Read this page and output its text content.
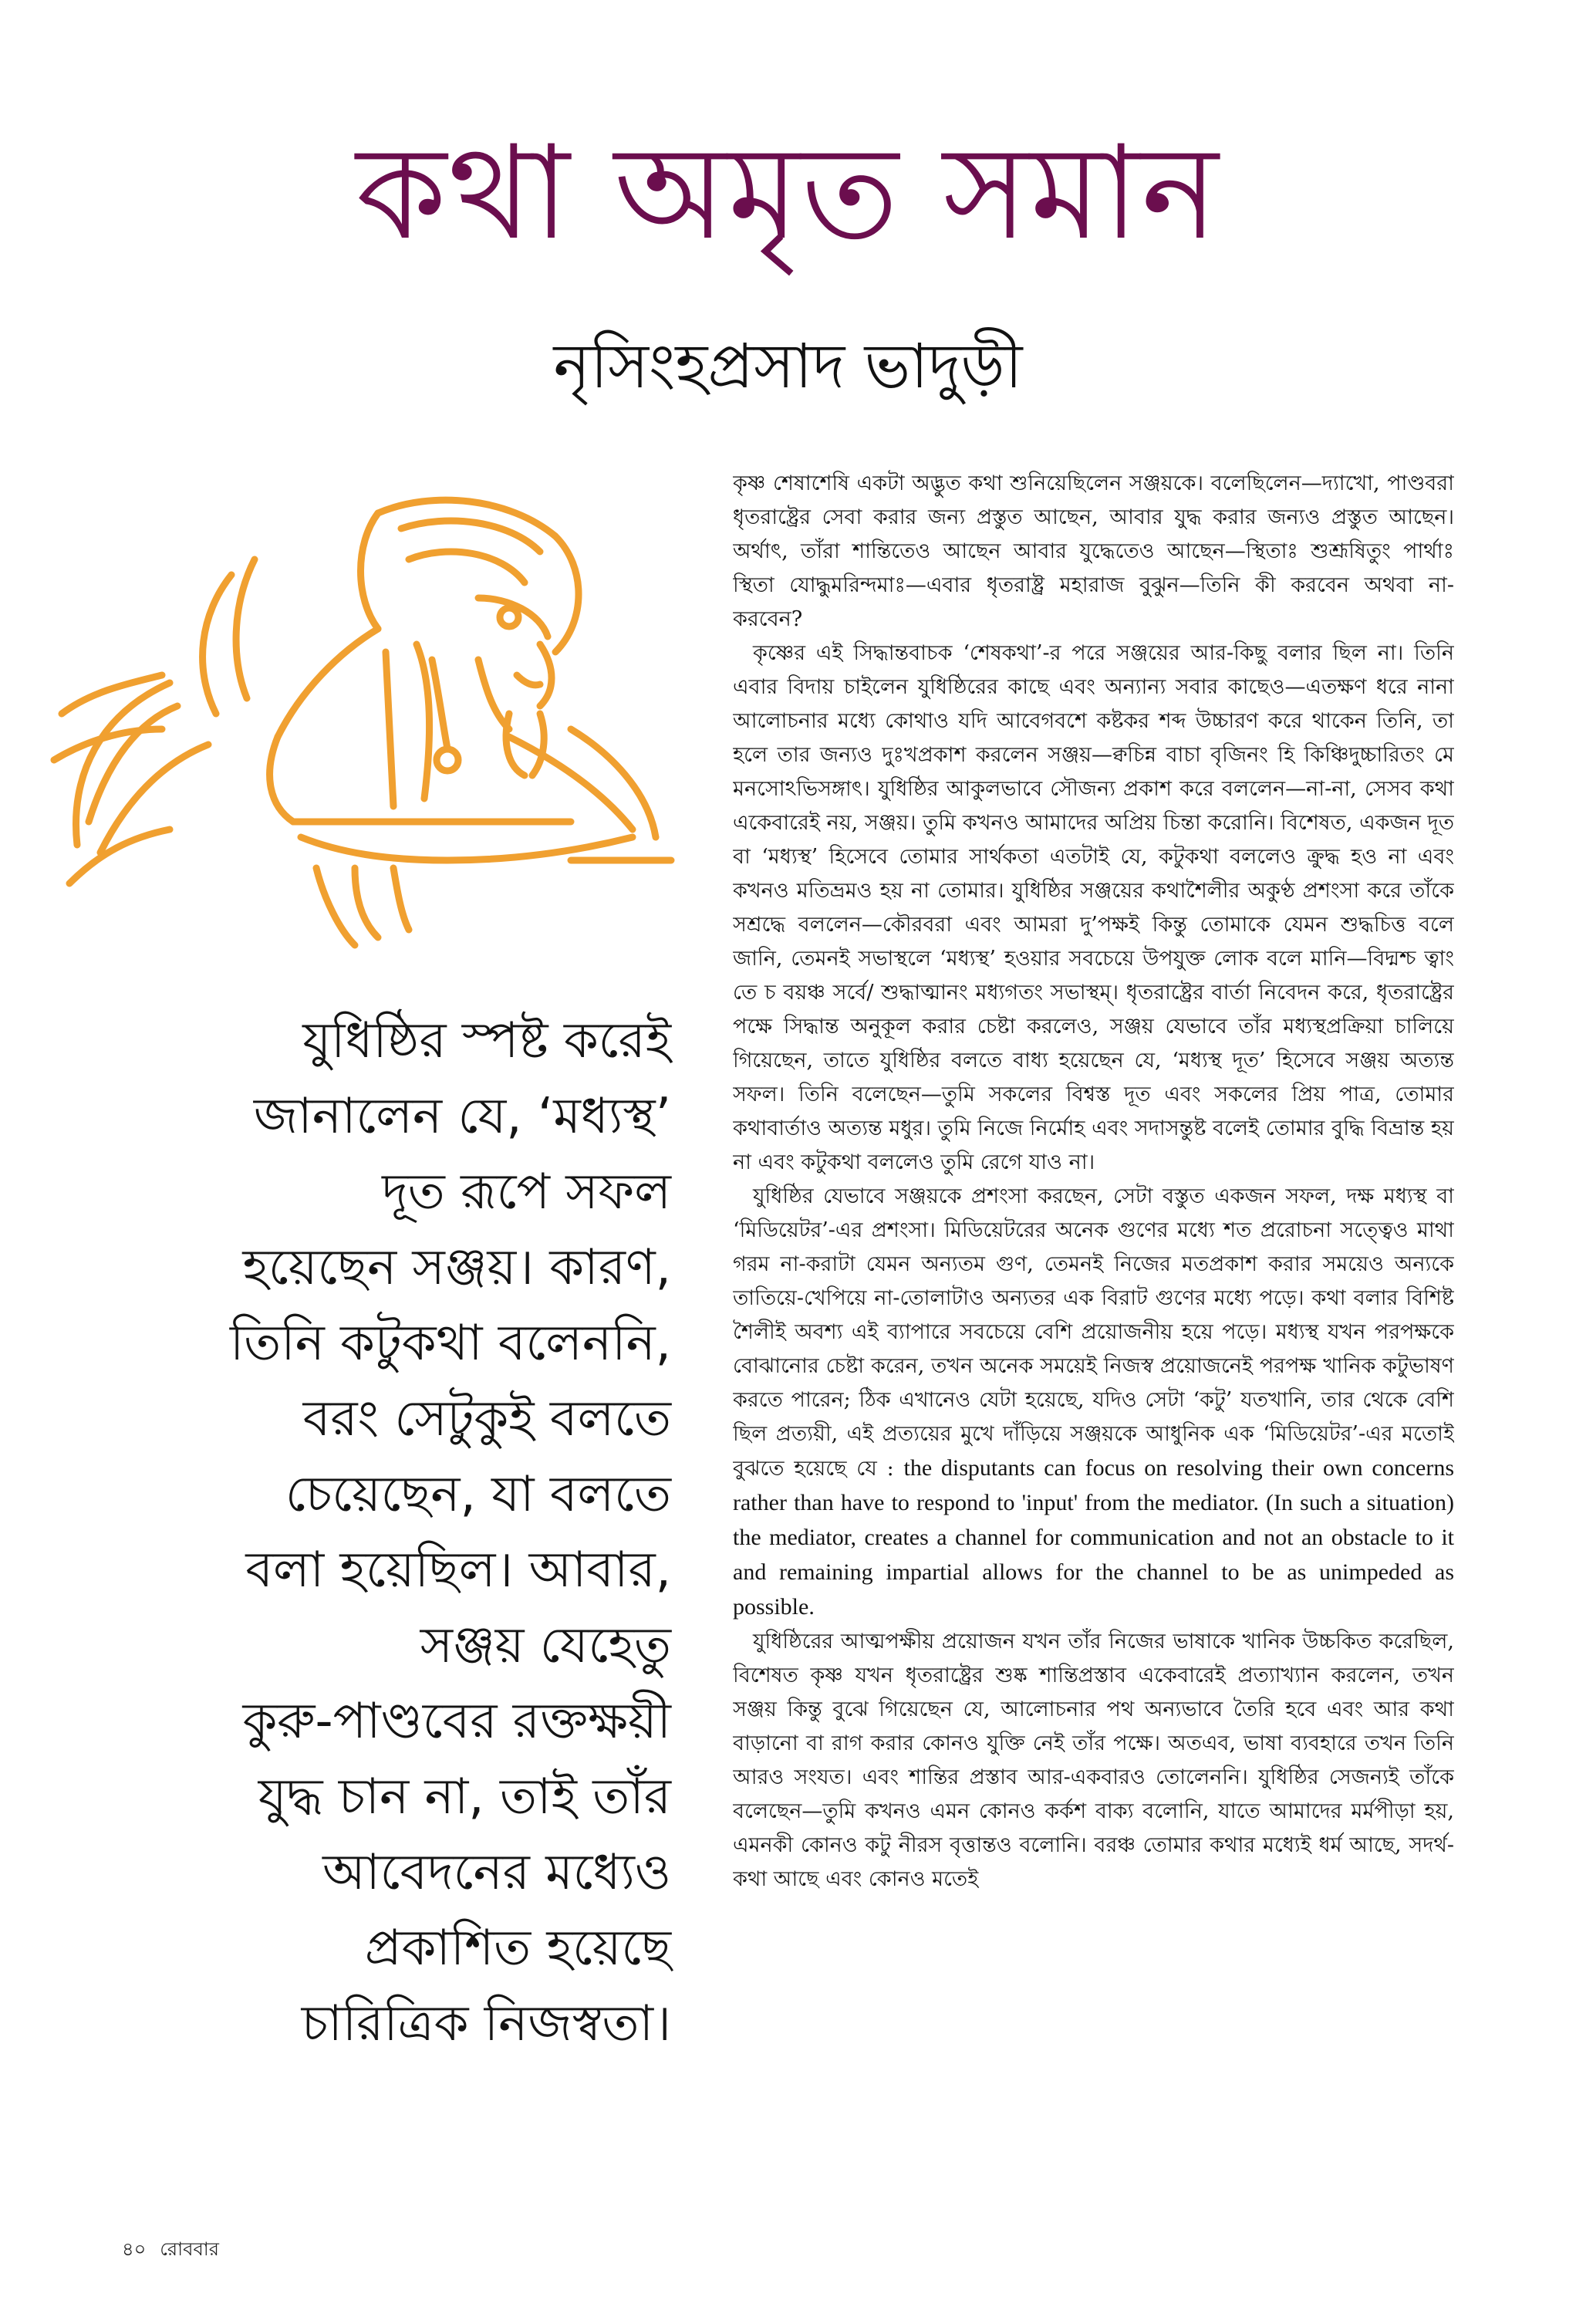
কথা অমৃত সমান
নৃসিংহপ্রসাদ ভাদুড়ী
যুধিষ্ঠির স্পষ্ট করেই
জানালেন যে, ‘মধ্যস্থ’
দূত রূপে সফল
হয়েছেন সঞ্জয়। কারণ,
তিনি কটুকথা বলেননি,
বরং সেটুকুই বলতে
চেয়েছেন, যা বলতে
বলা হয়েছিল। আবার,
সঞ্জয় যেহেতু
কুরু-পাণ্ডবের রক্তক্ষয়ী
যুদ্ধ চান না, তাই তাঁর
আবেদনের মধ্যেও
প্রকাশিত হয়েছে
চারিত্রিক নিজস্বতা।

কৃষ্ণ শেষাশেষি একটা অদ্ভুত কথা শুনিয়েছিলেন সঞ্জয়কে। বলেছিলেন—দ্যাখো, পাণ্ডবরা ধৃতরাষ্ট্রের সেবা করার জন্য প্রস্তুত আছেন, আবার যুদ্ধ করার জন্যও প্রস্তুত আছেন। অর্থাৎ, তাঁরা শান্তিতেও আছেন আবার যুদ্ধেতেও আছেন—স্থিতাঃ শুশ্রূষিতুং পার্থাঃ স্থিতা যোদ্ধুমরিন্দমাঃ—এবার ধৃতরাষ্ট্র মহারাজ বুঝুন—তিনি কী করবেন অথবা না-করবেন?

কৃষ্ণের এই সিদ্ধান্তবাচক ‘শেষকথা’-র পরে সঞ্জয়ের আর-কিছু বলার ছিল না। তিনি এবার বিদায় চাইলেন যুধিষ্ঠিরের কাছে এবং অন্যান্য সবার কাছেও—এতক্ষণ ধরে নানা আলোচনার মধ্যে কোথাও যদি আবেগবশে কষ্টকর শব্দ উচ্চারণ করে থাকেন তিনি, তা হলে তার জন্যও দুঃখপ্রকাশ করলেন সঞ্জয়—ক্বচিন্ন বাচা বৃজিনং হি কিঞ্চিদুচ্চারিতং মে মনসোঽভিসঙ্গাৎ। যুধিষ্ঠির আকুলভাবে সৌজন্য প্রকাশ করে বললেন—না-না, সেসব কথা একেবারেই নয়, সঞ্জয়। তুমি কখনও আমাদের অপ্রিয় চিন্তা করোনি। বিশেষত, একজন দূত বা ‘মধ্যস্থ’ হিসেবে তোমার সার্থকতা এতটাই যে, কটুকথা বললেও ক্রুদ্ধ হও না এবং কখনও মতিভ্রমও হয় না তোমার। যুধিষ্ঠির সঞ্জয়ের কথাশৈলীর অকুণ্ঠ প্রশংসা করে তাঁকে সশ্রদ্ধে বললেন—কৌরবরা এবং আমরা দু’পক্ষই কিন্তু তোমাকে যেমন শুদ্ধচিত্ত বলে জানি, তেমনই সভাস্থলে ‘মধ্যস্থ’ হওয়ার সবচেয়ে উপযুক্ত লোক বলে মানি—বিদ্মশ্চ ত্বাং তে চ বয়ঞ্চ সর্বে/ শুদ্ধাত্মানং মধ্যগতং সভাস্থম্। ধৃতরাষ্ট্রের বার্তা নিবেদন করে, ধৃতরাষ্ট্রের পক্ষে সিদ্ধান্ত অনুকূল করার চেষ্টা করলেও, সঞ্জয় যেভাবে তাঁর মধ্যস্থপ্রক্রিয়া চালিয়ে গিয়েছেন, তাতে যুধিষ্ঠির বলতে বাধ্য হয়েছেন যে, ‘মধ্যস্থ দূত’ হিসেবে সঞ্জয় অত্যন্ত সফল। তিনি বলেছেন—তুমি সকলের বিশ্বস্ত দূত এবং সকলের প্রিয় পাত্র, তোমার কথাবার্তাও অত্যন্ত মধুর। তুমি নিজে নির্মোহ এবং সদাসন্তুষ্ট বলেই তোমার বুদ্ধি বিভ্রান্ত হয় না এবং কটুকথা বললেও তুমি রেগে যাও না।

যুধিষ্ঠির যেভাবে সঞ্জয়কে প্রশংসা করছেন, সেটা বস্তুত একজন সফল, দক্ষ মধ্যস্থ বা ‘মিডিয়েটর’-এর প্রশংসা। মিডিয়েটরের অনেক গুণের মধ্যে শত প্ররোচনা সত্ত্বেও মাথা গরম না-করাটা যেমন অন্যতম গুণ, তেমনই নিজের মতপ্রকাশ করার সময়েও অন্যকে তাতিয়ে-খেপিয়ে না-তোলাটাও অন্যতর এক বিরাট গুণের মধ্যে পড়ে। কথা বলার বিশিষ্ট শৈলীই অবশ্য এই ব্যাপারে সবচেয়ে বেশি প্রয়োজনীয় হয়ে পড়ে। মধ্যস্থ যখন পরপক্ষকে বোঝানোর চেষ্টা করেন, তখন অনেক সময়েই নিজস্ব প্রয়োজনেই পরপক্ষ খানিক কটুভাষণ করতে পারেন; ঠিক এখানেও যেটা হয়েছে, যদিও সেটা ‘কটু’ যতখানি, তার থেকে বেশি ছিল প্রত্যয়ী, এই প্রত্যয়ের মুখে দাঁড়িয়ে সঞ্জয়কে আধুনিক এক ‘মিডিয়েটর’-এর মতোই বুঝতে হয়েছে যে : the disputants can focus on resolving their own concerns rather than have to respond to 'input' from the mediator. (In such a situation) the mediator, creates a channel for communication and not an obstacle to it and remaining impartial allows for the channel to be as unimpeded as possible.

যুধিষ্ঠিরের আত্মপক্ষীয় প্রয়োজন যখন তাঁর নিজের ভাষাকে খানিক উচ্চকিত করেছিল, বিশেষত কৃষ্ণ যখন ধৃতরাষ্ট্রের শুষ্ক শান্তিপ্রস্তাব একেবারেই প্রত্যাখ্যান করলেন, তখন সঞ্জয় কিন্তু বুঝে গিয়েছেন যে, আলোচনার পথ অন্যভাবে তৈরি হবে এবং আর কথা বাড়ানো বা রাগ করার কোনও যুক্তি নেই তাঁর পক্ষে। অতএব, ভাষা ব্যবহারে তখন তিনি আরও সংযত। এবং শান্তির প্রস্তাব আর-একবারও তোলেননি। যুধিষ্ঠির সেজন্যই তাঁকে বলেছেন—তুমি কখনও এমন কোনও কর্কশ বাক্য বলোনি, যাতে আমাদের মর্মপীড়া হয়, এমনকী কোনও কটু নীরস বৃত্তান্তও বলোনি। বরঞ্চ তোমার কথার মধ্যেই ধর্ম আছে, সদর্থ-কথা আছে এবং কোনও মতেই

৪০ রোববার
